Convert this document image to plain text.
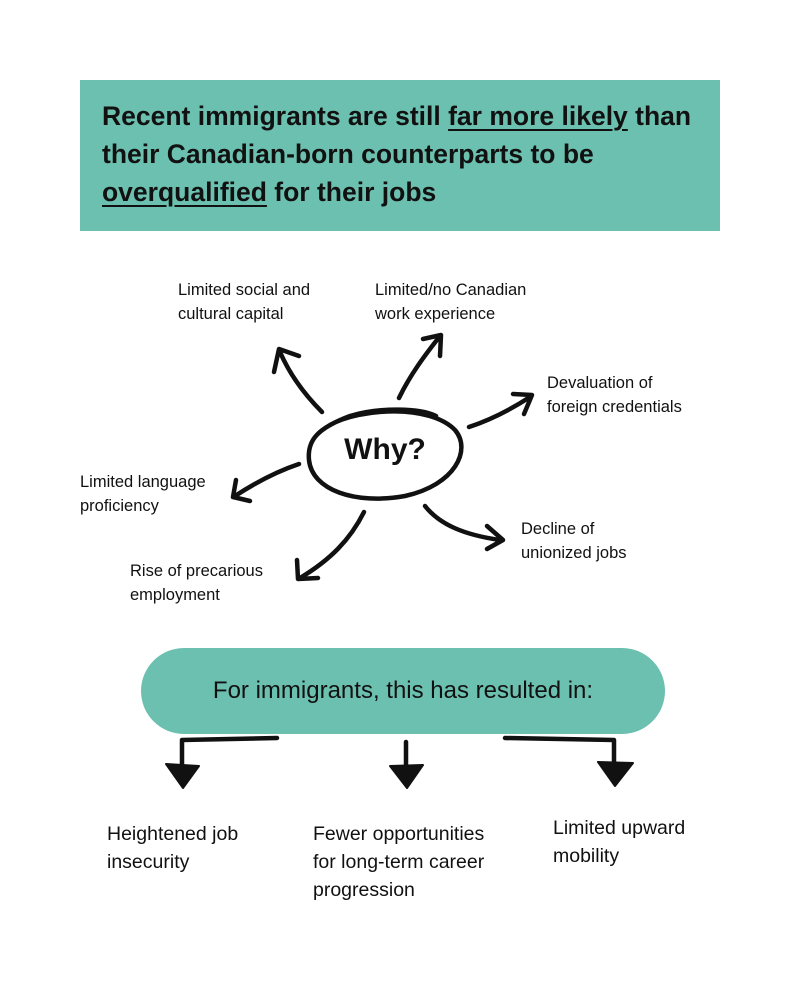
Recent immigrants are still far more likely than their Canadian-born counterparts to be overqualified for their jobs

Why?
Limited social and
cultural capital
Limited/no Canadian
work experience
Devaluation of
foreign credentials
Limited language
proficiency
Decline of
unionized jobs
Rise of precarious
employment
For immigrants, this has resulted in:
Heightened job
insecurity
Fewer opportunities
for long-term career
progression
Limited upward
mobility
